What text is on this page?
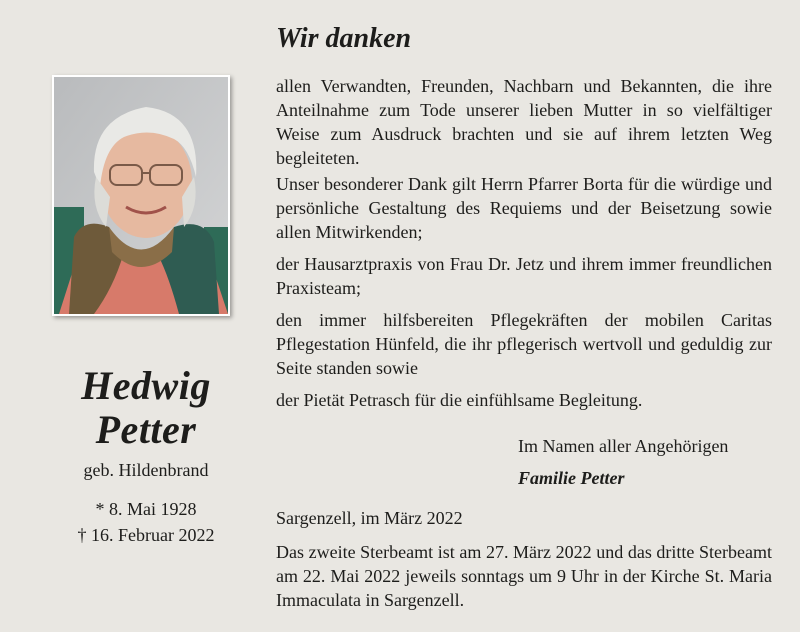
Hedwig
Petter
geb. Hildenbrand
* 8. Mai 1928
† 16. Februar 2022
Wir danken
allen Verwandten, Freunden, Nachbarn und Bekannten, die ihre Anteilnahme zum Tode unserer lieben Mutter in so vielfältiger Weise zum Ausdruck brachten und sie auf ihrem letzten Weg begleiteten.
Unser besonderer Dank gilt Herrn Pfarrer Borta für die würdige und persönliche Gestaltung des Requiems und der Beisetzung sowie allen Mitwirkenden;
der Hausarztpraxis von Frau Dr. Jetz und ihrem immer freundlichen Praxisteam;
den immer hilfsbereiten Pflegekräften der mobilen Caritas Pflegestation Hünfeld, die ihr pflegerisch wertvoll und geduldig zur Seite standen sowie
der Pietät Petrasch für die einfühlsame Begleitung.
Im Namen aller Angehörigen
Familie Petter
Sargenzell, im März 2022
Das zweite Sterbeamt ist am 27. März 2022 und das dritte Sterbeamt am 22. Mai 2022 jeweils sonntags um 9 Uhr in der Kirche St. Maria Immaculata in Sargenzell.
